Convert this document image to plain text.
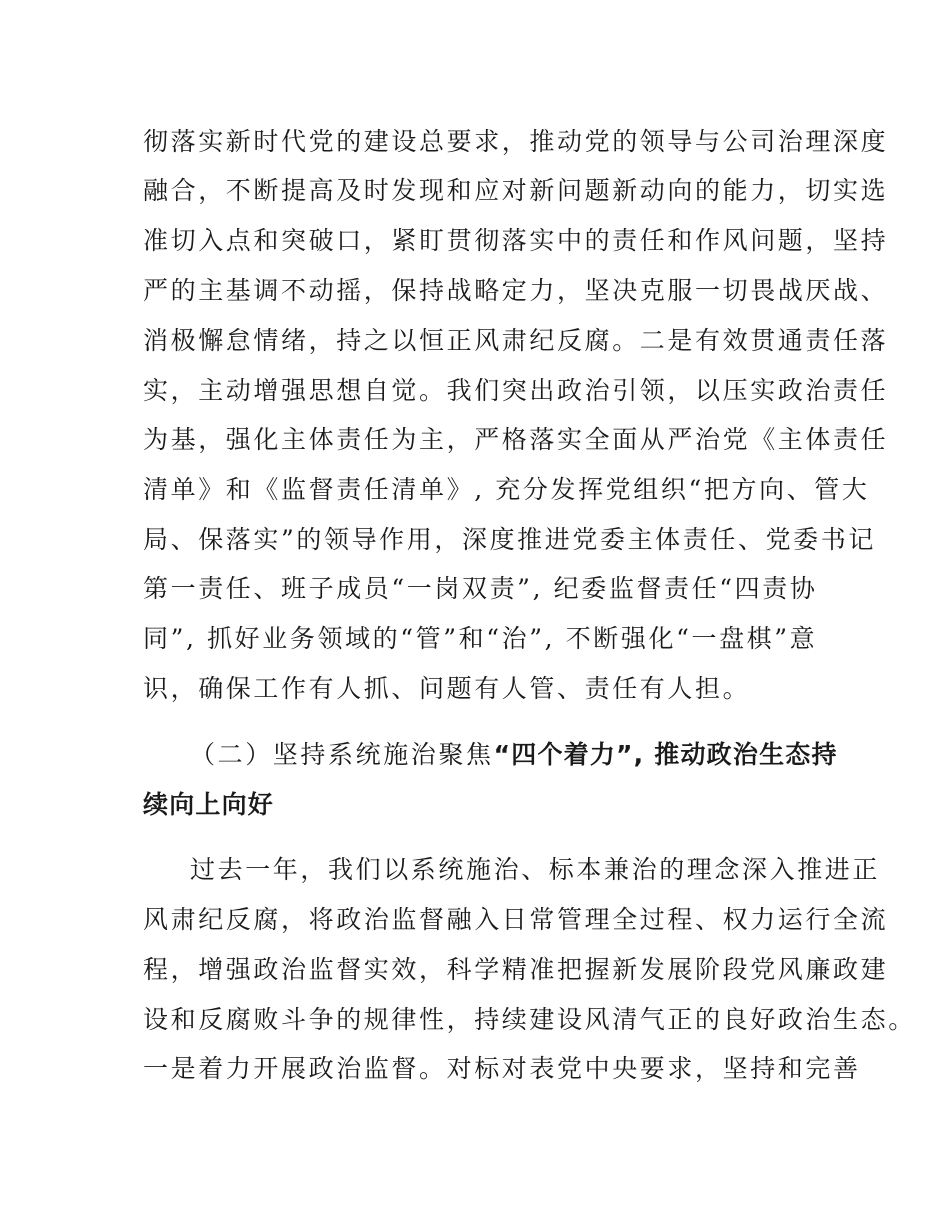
彻落实新时代党的建设总要求，推动党的领导与公司治理深度
融合，不断提高及时发现和应对新问题新动向的能力，切实选
准切入点和突破口，紧盯贯彻落实中的责任和作风问题，坚持
严的主基调不动摇，保持战略定力，坚决克服一切畏战厌战、
消极懈怠情绪，持之以恒正风肃纪反腐。二是有效贯通责任落
实，主动增强思想自觉。我们突出政治引领，以压实政治责任
为基，强化主体责任为主，严格落实全面从严治党《主体责任
清单》和《监督责任清单》, 充分发挥党组织“把方向、管大
局、保落实”的领导作用，深度推进党委主体责任、党委书记
第一责任、班子成员“一岗双责”, 纪委监督责任“四责协
同”, 抓好业务领域的“管”和“治”, 不断强化“一盘棋”意
识，确保工作有人抓、问题有人管、责任有人担。
（二）坚持系统施治聚焦“四个着力”, 推动政治生态持
续向上向好
过去一年，我们以系统施治、标本兼治的理念深入推进正
风肃纪反腐，将政治监督融入日常管理全过程、权力运行全流
程，增强政治监督实效，科学精准把握新发展阶段党风廉政建
设和反腐败斗争的规律性，持续建设风清气正的良好政治生态。
一是着力开展政治监督。对标对表党中央要求，坚持和完善
